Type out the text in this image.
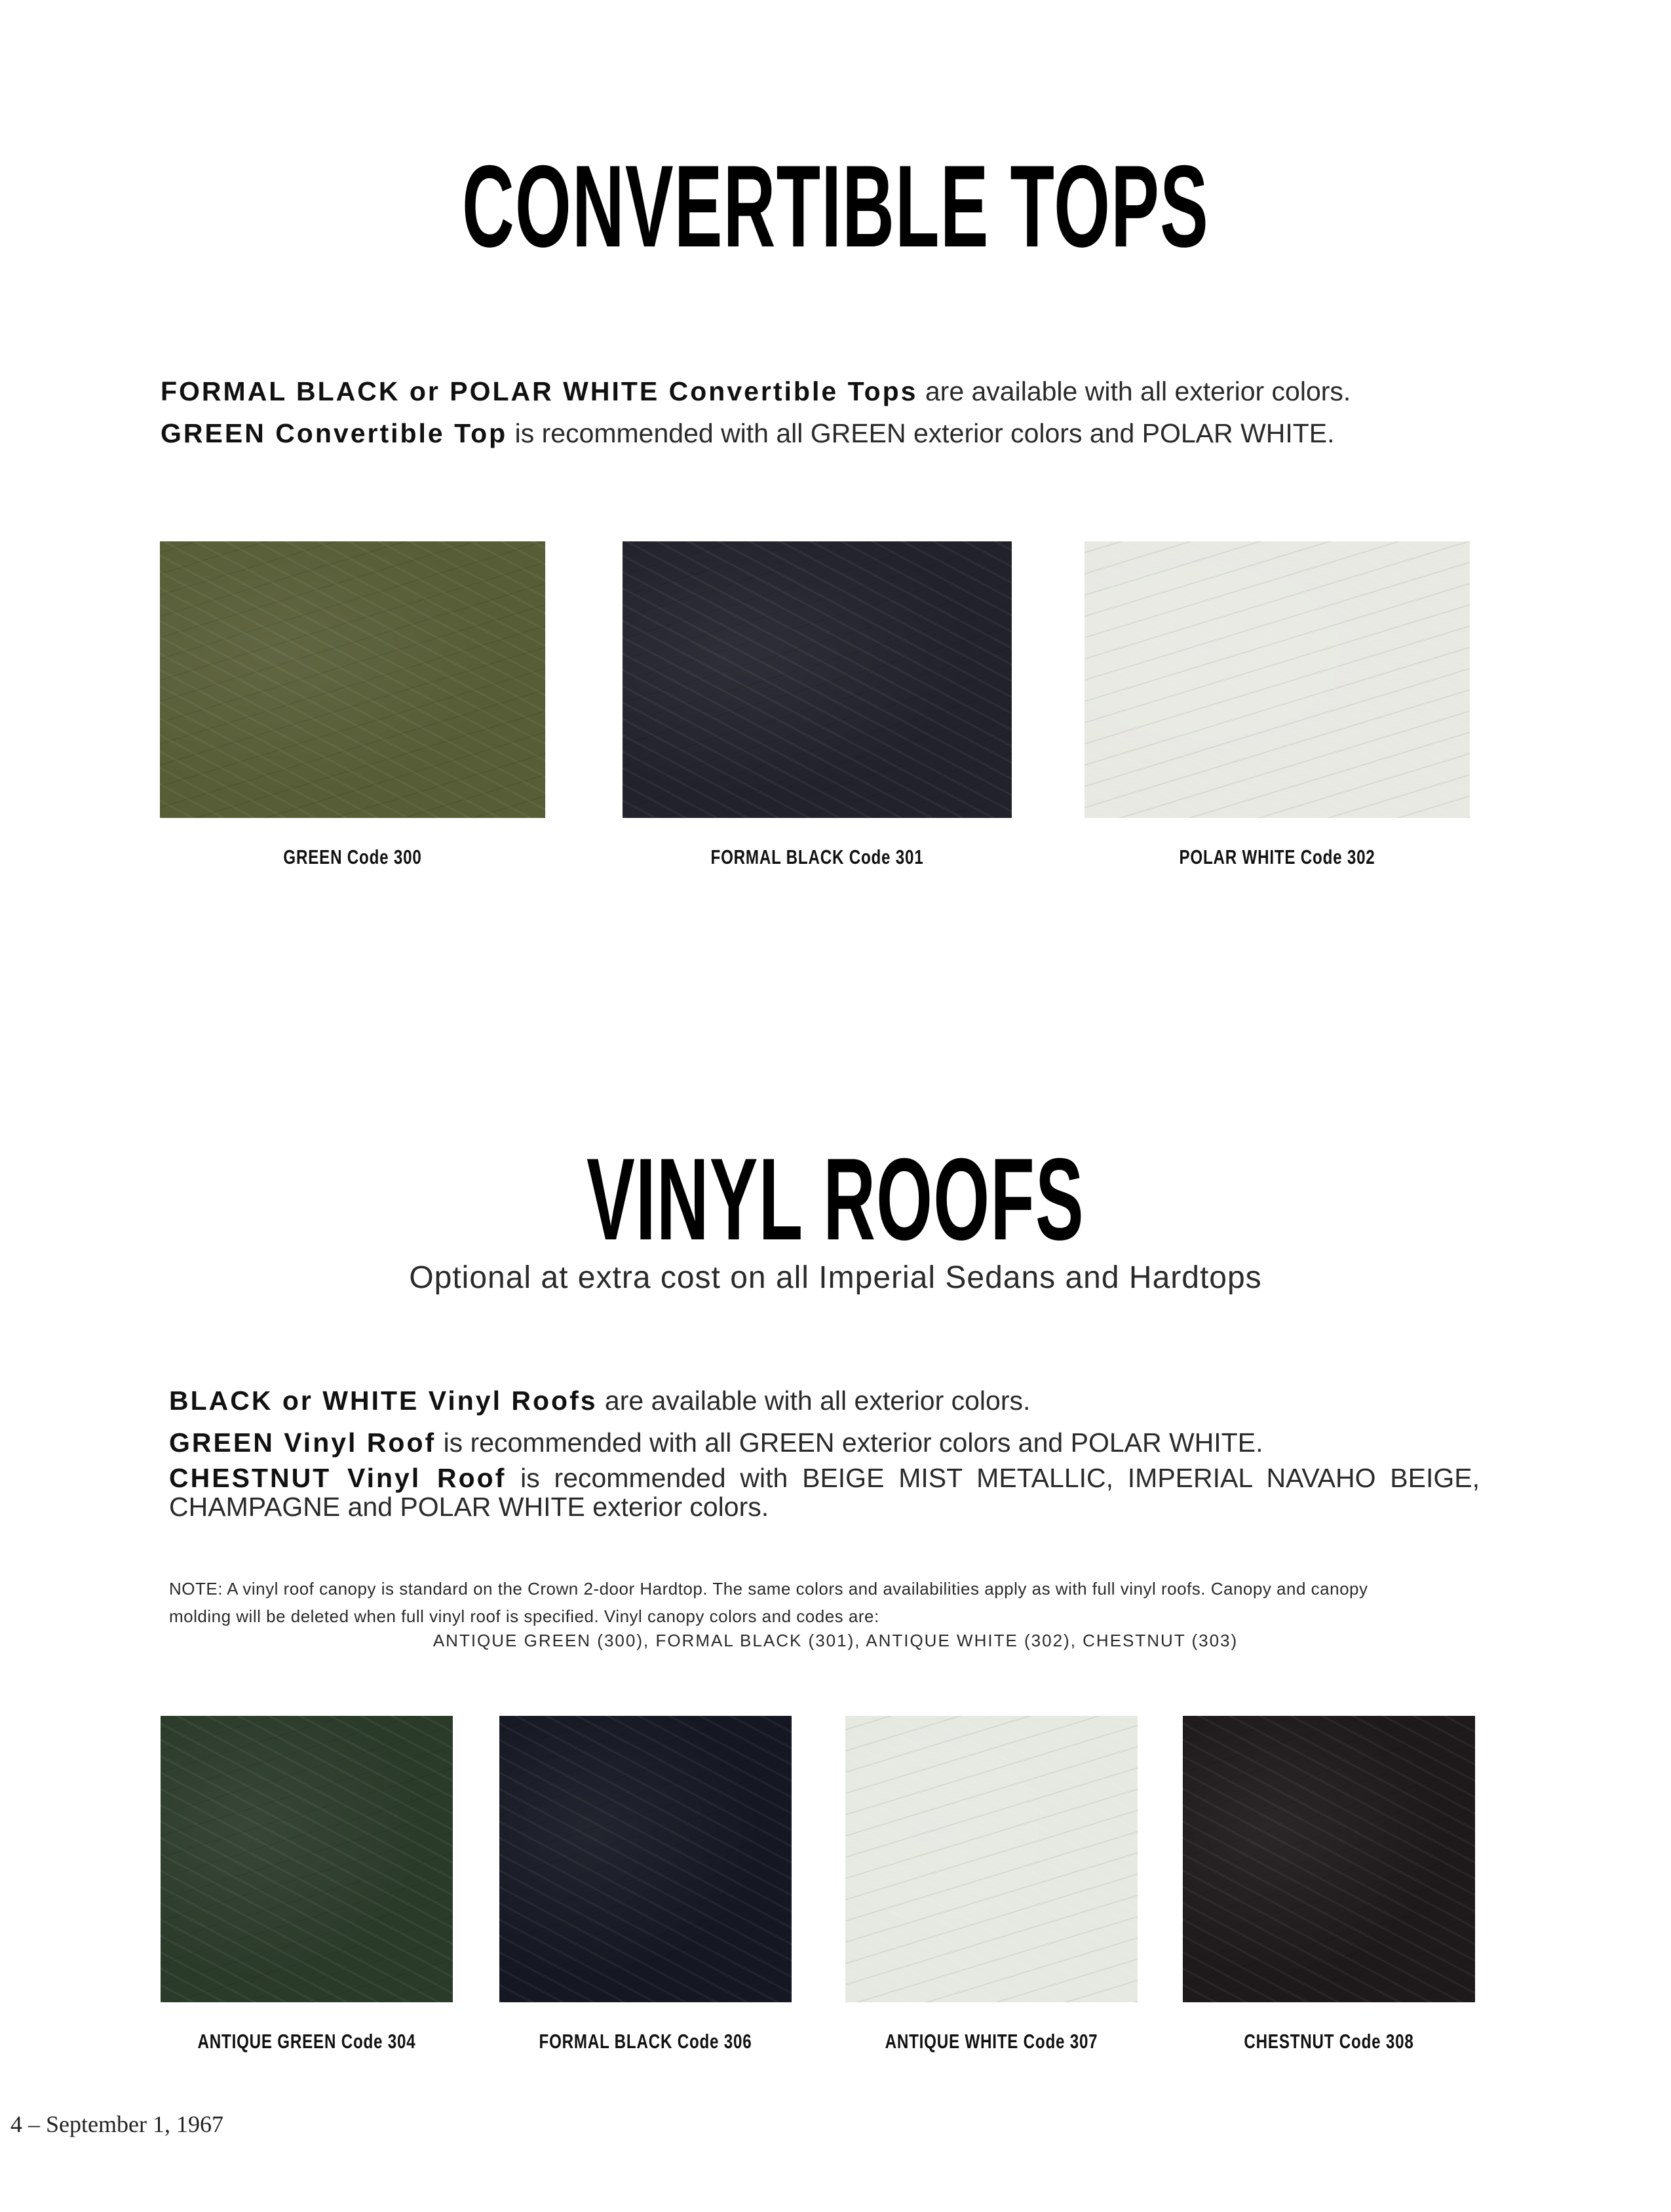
CONVERTIBLE TOPS
FORMAL BLACK or POLAR WHITE Convertible Tops are available with all exterior colors.
GREEN Convertible Top is recommended with all GREEN exterior colors and POLAR WHITE.
GREEN Code 300	FORMAL BLACK Code 301	POLAR WHITE Code 302
VINYL ROOFS
Optional at extra cost on all Imperial Sedans and Hardtops
BLACK or WHITE Vinyl Roofs are available with all exterior colors.
GREEN Vinyl Roof is recommended with all GREEN exterior colors and POLAR WHITE.
CHESTNUT Vinyl Roof is recommended with BEIGE MIST METALLIC, IMPERIAL NAVAHO BEIGE, CHAMPAGNE and POLAR WHITE exterior colors.
NOTE: A vinyl roof canopy is standard on the Crown 2-door Hardtop. The same colors and availabilities apply as with full vinyl roofs. Canopy and canopy molding will be deleted when full vinyl roof is specified. Vinyl canopy colors and codes are:
ANTIQUE GREEN (300), FORMAL BLACK (301), ANTIQUE WHITE (302), CHESTNUT (303)
ANTIQUE GREEN Code 304	FORMAL BLACK Code 306	ANTIQUE WHITE Code 307	CHESTNUT Code 308
4 – September 1, 1967
